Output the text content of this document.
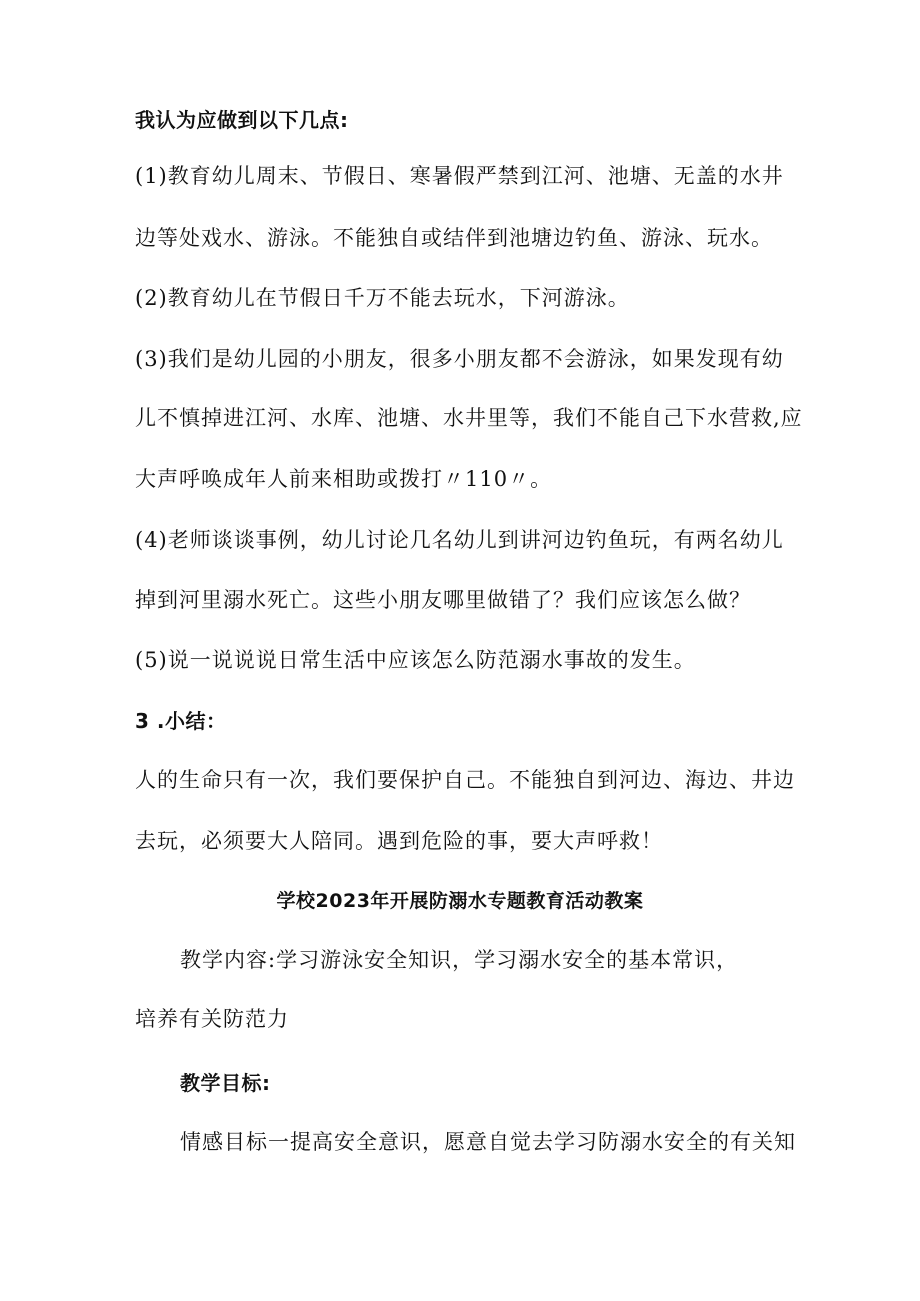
我认为应做到以下几点:
(1)教育幼儿周末、节假日、寒暑假严禁到江河、池塘、无盖的水井
边等处戏水、游泳。不能独自或结伴到池塘边钓鱼、游泳、玩水。
(2)教育幼儿在节假日千万不能去玩水，下河游泳。
(3)我们是幼儿园的小朋友，很多小朋友都不会游泳，如果发现有幼
儿不慎掉进江河、水库、池塘、水井里等，我们不能自己下水营救,应
大声呼唤成年人前来相助或拨打〃110〃。
(4)老师谈谈事例，幼儿讨论几名幼儿到讲河边钓鱼玩，有两名幼儿
掉到河里溺水死亡。这些小朋友哪里做错了？我们应该怎么做？
(5)说一说说说日常生活中应该怎么防范溺水事故的发生。
3 .小结：
人的生命只有一次，我们要保护自己。不能独自到河边、海边、井边
去玩，必须要大人陪同。遇到危险的事，要大声呼救！
学校2023年开展防溺水专题教育活动教案
教学内容:学习游泳安全知识，学习溺水安全的基本常识，
培养有关防范力
教学目标:
情感目标一提高安全意识，愿意自觉去学习防溺水安全的有关知
